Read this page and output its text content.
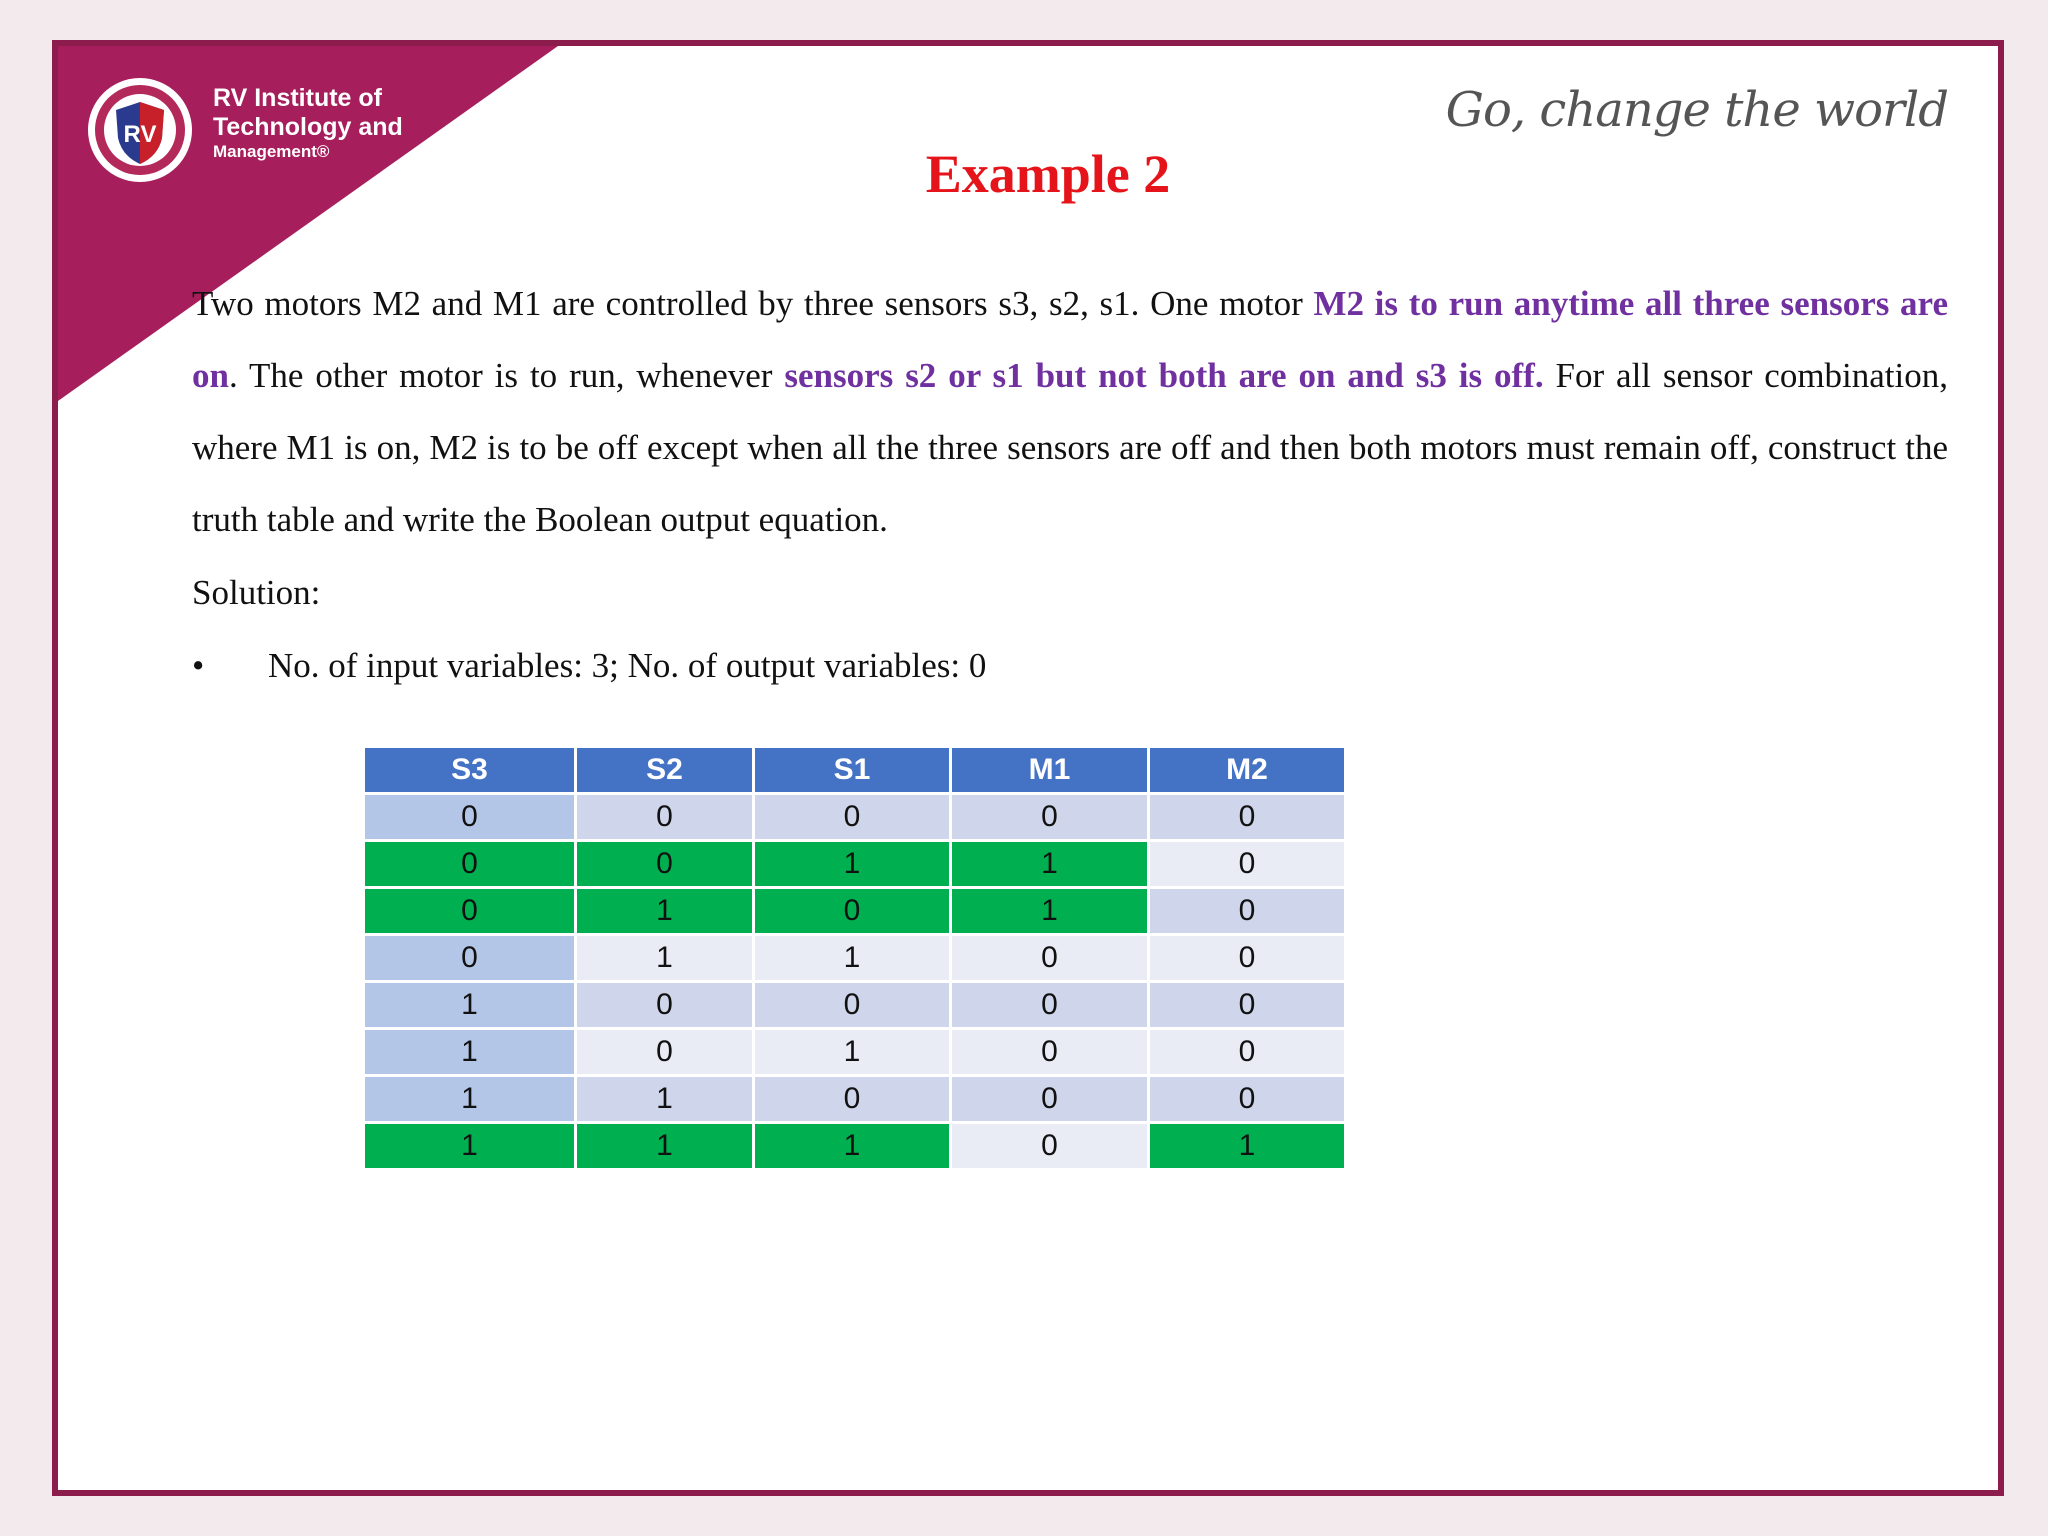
RV
RV Institute of
Technology and
Management®
Go, change the world
Example 2
Two motors M2 and M1 are controlled by three sensors s3, s2, s1. One motor M2 is to run anytime all three sensors are on. The other motor is to run, whenever sensors s2 or s1 but not both are on and s3 is off. For all sensor combination, where M1 is on, M2 is to be off except when all the three sensors are off and then both motors must remain off, construct the truth table and write the Boolean output equation.
Solution:
• No. of input variables: 3; No. of output variables: 0
S3	S2	S1	M1	M2
0	0	0	0	0
0	0	1	1	0
0	1	0	1	0
0	1	1	0	0
1	0	0	0	0
1	0	1	0	0
1	1	0	0	0
1	1	1	0	1
